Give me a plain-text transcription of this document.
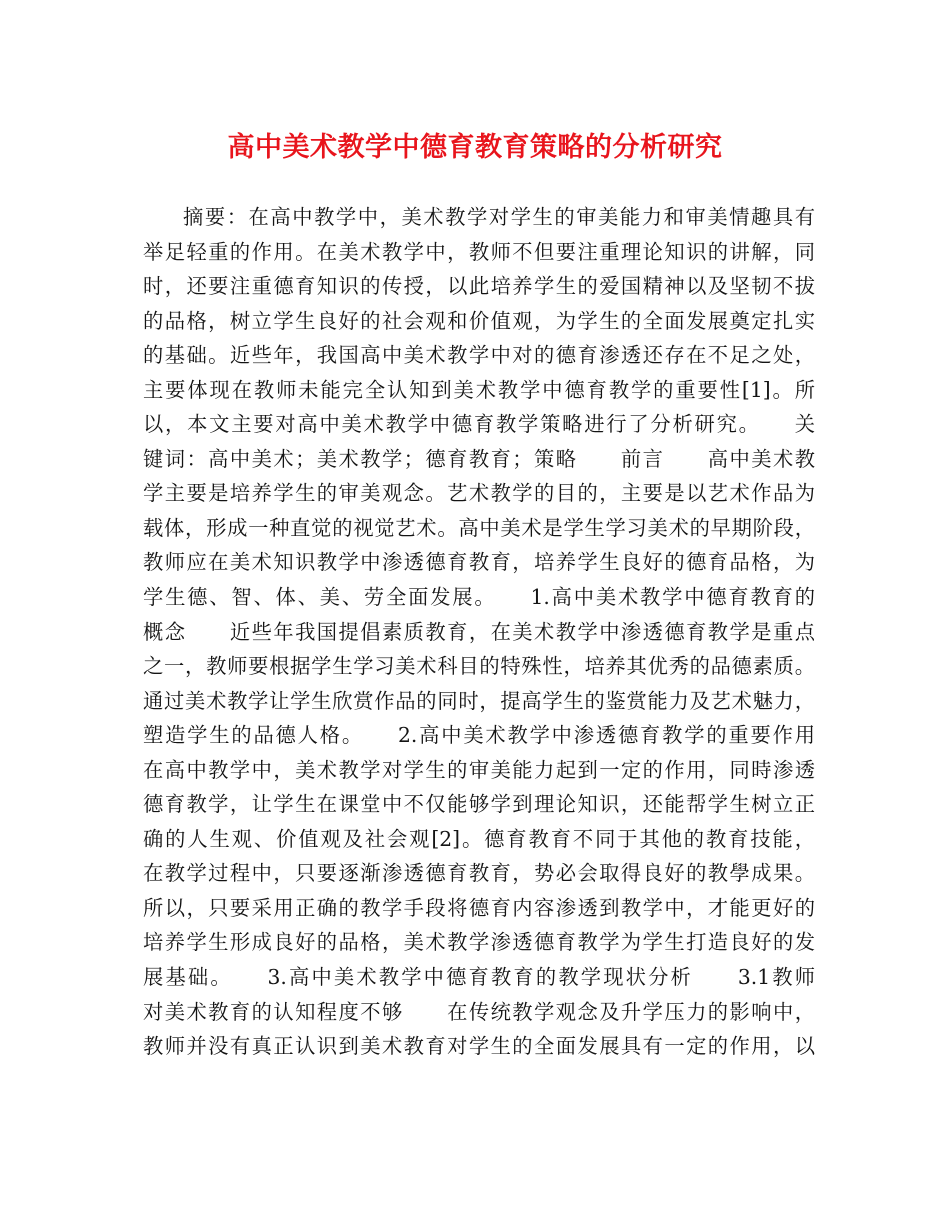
高中美术教学中德育教育策略的分析研究
摘要：在高中教学中，美术教学对学生的审美能力和审美情趣具有
举足轻重的作用。在美术教学中，教师不但要注重理论知识的讲解，同
时，还要注重德育知识的传授，以此培养学生的爱国精神以及坚韧不拔
的品格，树立学生良好的社会观和价值观，为学生的全面发展奠定扎实
的基础。近些年，我国高中美术教学中对的德育渗透还存在不足之处，
主要体现在教师未能完全认知到美术教学中德育教学的重要性[1]。所
以，本文主要对高中美术教学中德育教学策略进行了分析研究。　　关
键词：高中美术；美术教学；德育教育；策略　　前言　　高中美术教
学主要是培养学生的审美观念。艺术教学的目的，主要是以艺术作品为
载体，形成一种直觉的视觉艺术。高中美术是学生学习美术的早期阶段，
教师应在美术知识教学中渗透德育教育，培养学生良好的德育品格，为
学生德、智、体、美、劳全面发展。　　1.高中美术教学中德育教育的
概念　　近些年我国提倡素质教育，在美术教学中渗透德育教学是重点
之一，教师要根据学生学习美术科目的特殊性，培养其优秀的品德素质。
通过美术教学让学生欣赏作品的同时，提高学生的鉴赏能力及艺术魅力，
塑造学生的品德人格。　　2.高中美术教学中渗透德育教学的重要作用
在高中教学中，美术教学对学生的审美能力起到一定的作用，同時渗透
德育教学，让学生在课堂中不仅能够学到理论知识，还能帮学生树立正
确的人生观、价值观及社会观[2]。德育教育不同于其他的教育技能，
在教学过程中，只要逐渐渗透德育教育，势必会取得良好的教學成果。
所以，只要采用正确的教学手段将德育内容渗透到教学中，才能更好的
培养学生形成良好的品格，美术教学渗透德育教学为学生打造良好的发
展基础。　　3.高中美术教学中德育教育的教学现状分析　　3.1教师
对美术教育的认知程度不够　　在传统教学观念及升学压力的影响中，
教师并没有真正认识到美术教育对学生的全面发展具有一定的作用，以
